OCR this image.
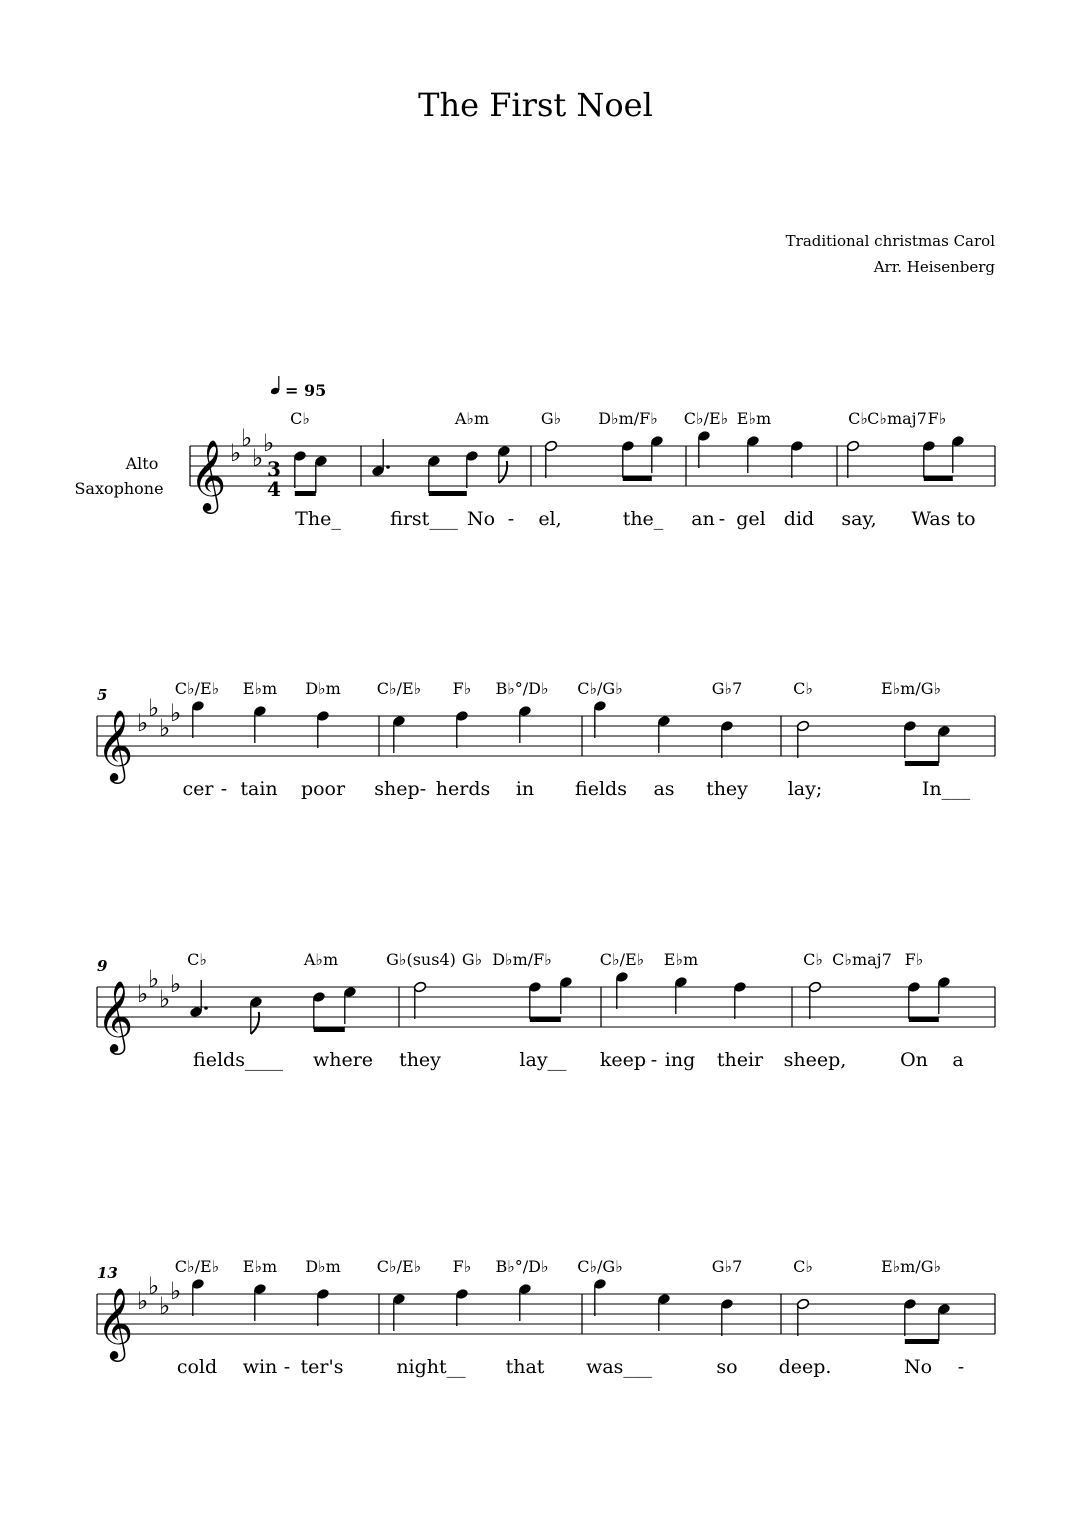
The First Noel
Traditional christmas Carol
Arr. Heisenberg
= 95
Alto
Saxophone
3
4
𝄞 ♭
♭
♭
♭
C♭	A♭m	G♭ D♭m/F♭ C♭/E♭ E♭m	C♭ C♭maj7 F♭
The_	first___ No - el,	the_ an - gel did say, Was to
𝄞 ♭
♭
♭
♭
5	C♭/E♭ E♭m D♭m C♭/E♭ F♭ B♭°/D♭ C♭/G♭	G♭7	C♭	E♭m/G♭
cer - tain poor shep - herds in fields as they lay;	In___
𝄞 ♭
♭
♭
♭
9	C♭	A♭m	G♭(sus4) G♭ D♭m/F♭	C♭/E♭ E♭m	C♭ C♭maj7 F♭
fields____ where they	lay__ keep - ing their sheep,	On a
𝄞 ♭
♭
♭
♭
13	C♭/E♭ E♭m D♭m C♭/E♭ F♭ B♭°/D♭ C♭/G♭	G♭7	C♭	E♭m/G♭
cold win - ter's	night__ that was___	so deep.	No -
